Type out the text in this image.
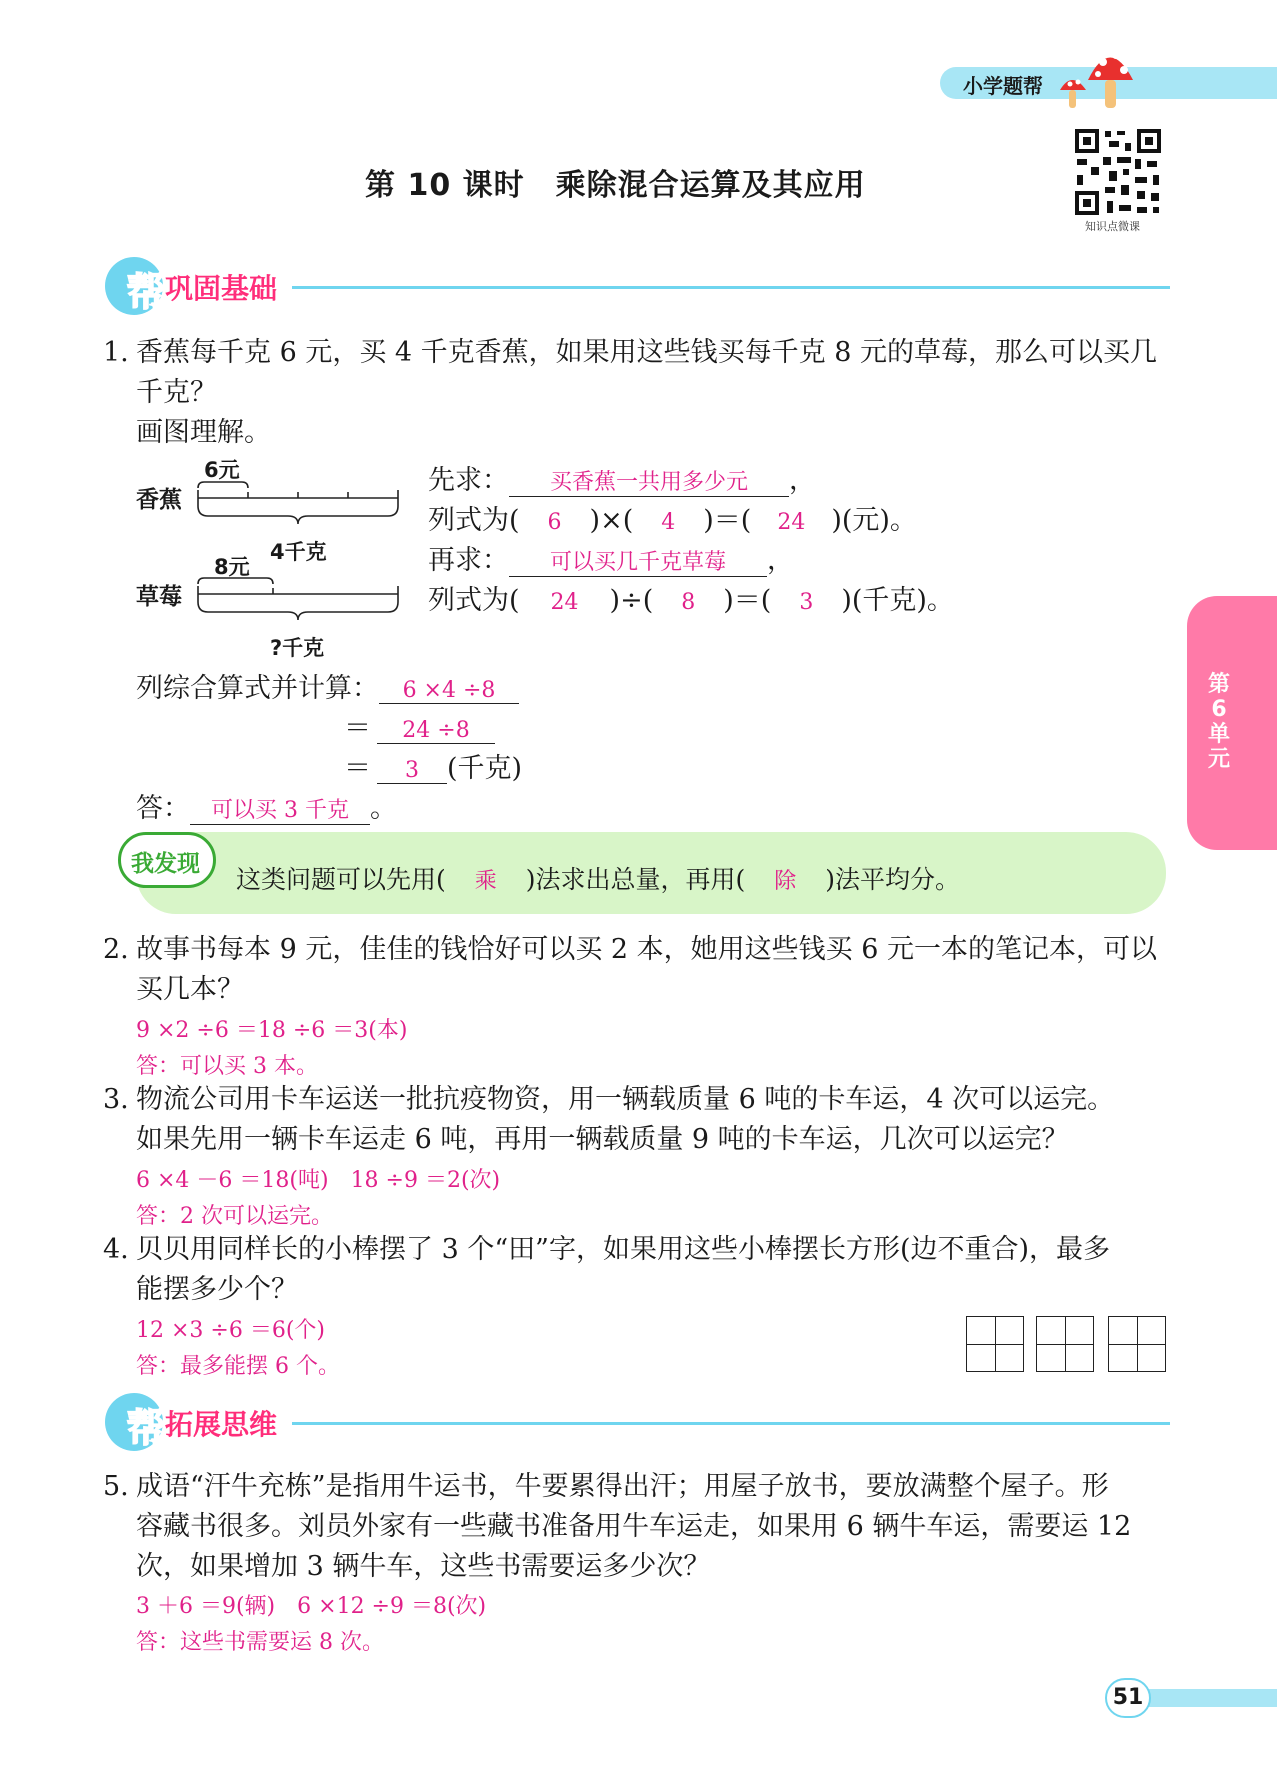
小学题帮
知识点微课
第 10 课时　乘除混合运算及其应用
第
6
单
元
帮 巩固基础
1. 香蕉每千克 6 元，买 4 千克香蕉，如果用这些钱买每千克 8 元的草莓，那么可以买几
千克？
画图理解。
香蕉
6元
4千克
草莓
8元
?千克
先求： 买香蕉一共用多少元 ，
列式为( 6 )×( 4 )＝( 24 )(元)。
再求： 可以买几千克草莓 ，
列式为( 24 )÷( 8 )＝( 3 )(千克)。
列综合算式并计算： 6 ×4 ÷8
＝ 24 ÷8
＝ 3 (千克)
答： 可以买 3 千克 。
我发现
这类问题可以先用( 乘 )法求出总量，再用( 除 )法平均分。
2. 故事书每本 9 元，佳佳的钱恰好可以买 2 本，她用这些钱买 6 元一本的笔记本，可以
买几本？
9 ×2 ÷6 ＝18 ÷6 ＝3(本)
答：可以买 3 本。
3. 物流公司用卡车运送一批抗疫物资，用一辆载质量 6 吨的卡车运，4 次可以运完。
如果先用一辆卡车运走 6 吨，再用一辆载质量 9 吨的卡车运，几次可以运完？
6 ×4 －6 ＝18(吨)　18 ÷9 ＝2(次)
答：2 次可以运完。
4. 贝贝用同样长的小棒摆了 3 个“田”字，如果用这些小棒摆长方形(边不重合)，最多
能摆多少个？
12 ×3 ÷6 ＝6(个)
答：最多能摆 6 个。
帮 拓展思维
5. 成语“汗牛充栋”是指用牛运书，牛要累得出汗；用屋子放书，要放满整个屋子。形
容藏书很多。刘员外家有一些藏书准备用牛车运走，如果用 6 辆牛车运，需要运 12
次，如果增加 3 辆牛车，这些书需要运多少次？
3 ＋6 ＝9(辆)　6 ×12 ÷9 ＝8(次)
答：这些书需要运 8 次。
51
